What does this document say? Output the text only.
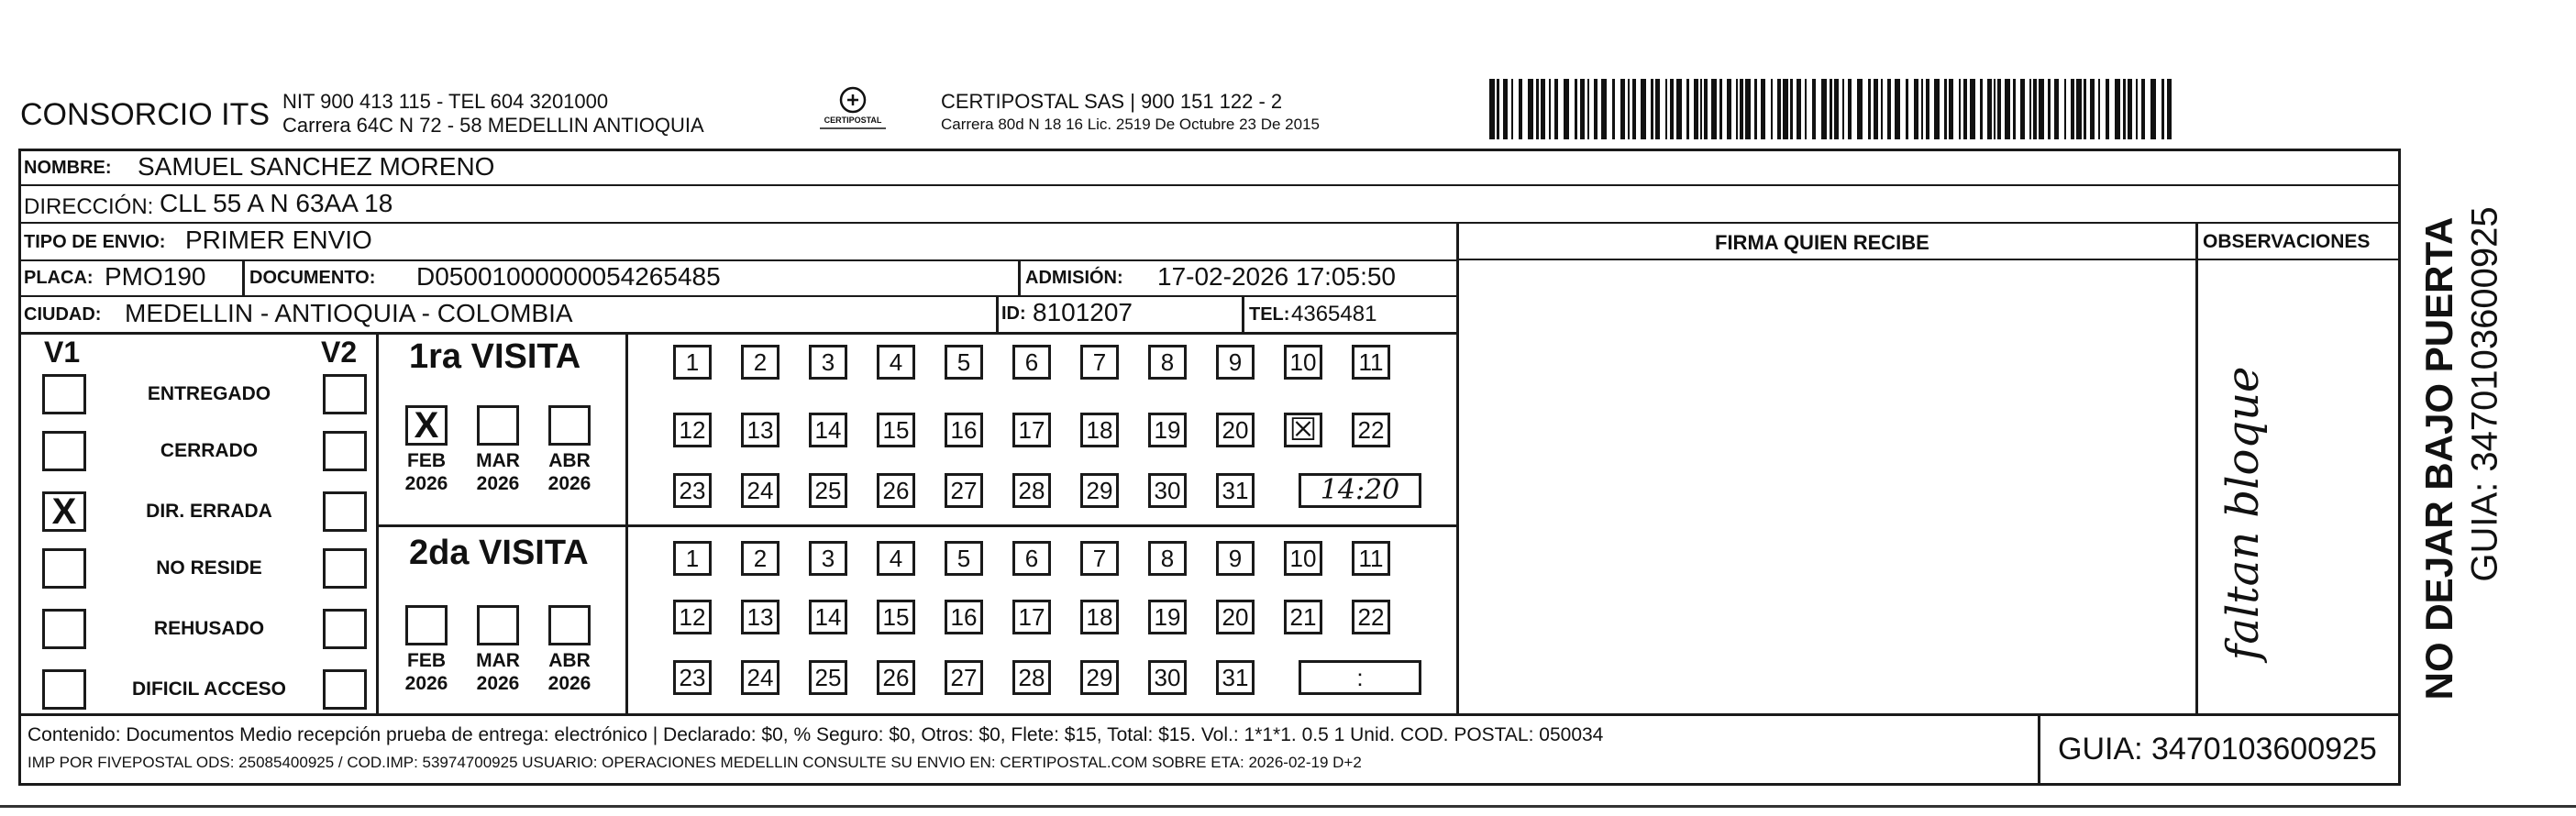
CONSORCIO ITS NIT 900 413 115 - TEL 604 3201000
Carrera 64C N 72 - 58 MEDELLIN ANTIOQUIA	CERTIPOSTAL
CERTIPOSTAL SAS | 900 151 122 - 2
Carrera 80d N 18 16 Lic. 2519 De Octubre 23 De 2015
NOMBRE: SAMUEL SANCHEZ MORENO
DIRECCIÓN: CLL 55 A N 63AA 18
TIPO DE ENVIO: PRIMER ENVIO
PLACA: PMO190 DOCUMENTO: D05001000000054265485	ADMISIÓN: 17-02-2026 17:05:50
CIUDAD: MEDELLIN - ANTIOQUIA - COLOMBIA	ID: 8101207	TEL: 4365481
FIRMA QUIEN RECIBE	OBSERVACIONES
faltan bloque
V1	V2
ENTREGADO
CERRADO
X	DIR. ERRADA
NO RESIDE
REHUSADO
DIFICIL ACCESO
1ra VISITA
2da VISITA
X
FEB
2026
MAR
2026
ABR
2026
FEB
2026
MAR
2026
ABR
2026
1	2	3	4	5	6	7	8	9	10 11
12 13 14 15 16 17 18 19 20 ☒ 22
23 24 25 26 27 28 29 30 31	14:20
1	2	3	4	5	6	7	8	9	10 11
12 13 14 15 16 17 18 19 20 21 22
23 24 25 26 27 28 29 30 31	:
Contenido: Documentos Medio recepción prueba de entrega: electrónico | Declarado: $0, % Seguro: $0, Otros: $0, Flete: $15, Total: $15. Vol.: 1*1*1. 0.5 1 Unid. COD. POSTAL: 050034
IMP POR FIVEPOSTAL ODS: 25085400925 / COD.IMP: 53974700925 USUARIO: OPERACIONES MEDELLIN CONSULTE SU ENVIO EN: CERTIPOSTAL.COM SOBRE ETA: 2026-02-19 D+2	GUIA: 3470103600925
NO DEJAR BAJO PUERTA GUIA: 3470103600925
